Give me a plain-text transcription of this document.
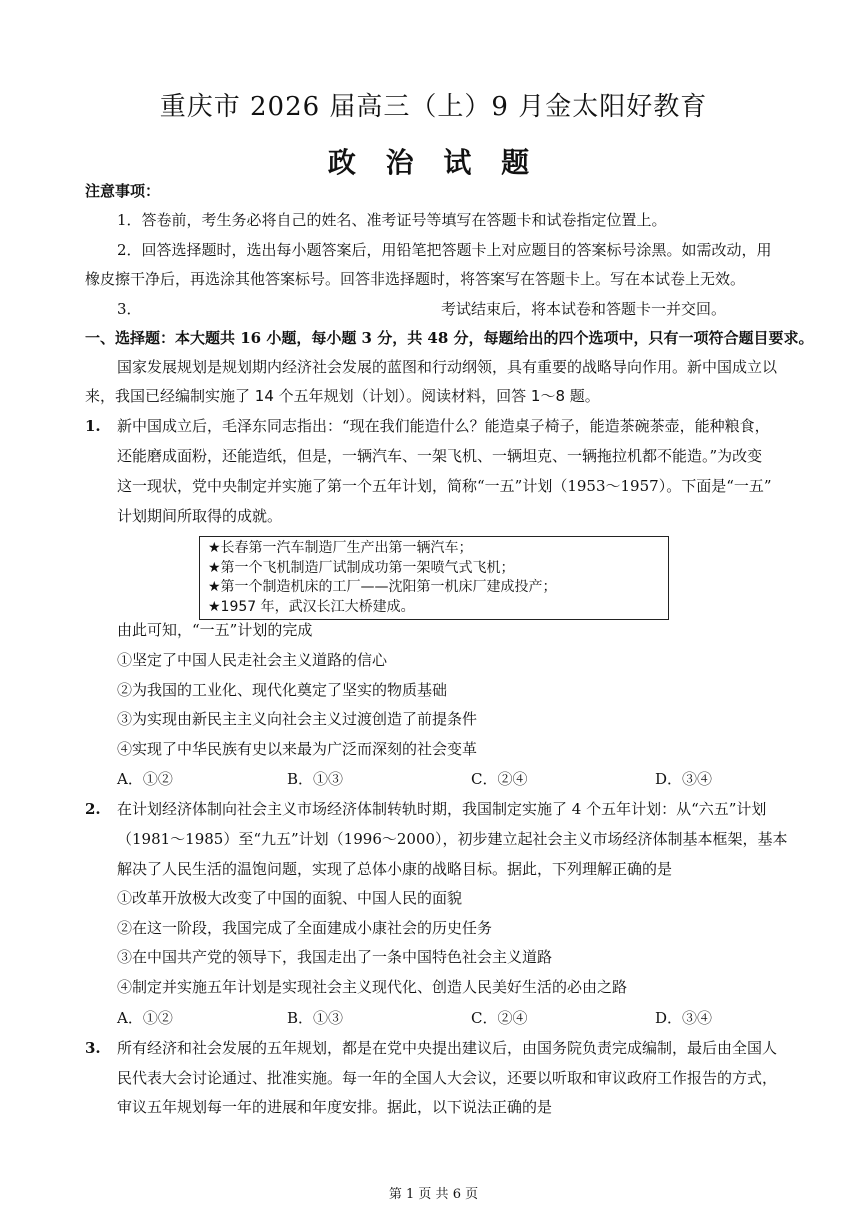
重庆市 2026 届高三（上）9 月金太阳好教育
政 治 试 题
注意事项：
1．答卷前，考生务必将自己的姓名、准考证号等填写在答题卡和试卷指定位置上。
2．回答选择题时，选出每小题答案后，用铅笔把答题卡上对应题目的答案标号涂黑。如需改动，用
橡皮擦干净后，再选涂其他答案标号。回答非选择题时，将答案写在答题卡上。写在本试卷上无效。
3．	考试结束后，将本试卷和答题卡一并交回。
一、选择题：本大题共 16 小题，每小题 3 分，共 48 分，每题给出的四个选项中，只有一项符合题目要求。
国家发展规划是规划期内经济社会发展的蓝图和行动纲领，具有重要的战略导向作用。新中国成立以
来，我国已经编制实施了 14 个五年规划（计划）。阅读材料，回答 1～8 题。
1. 新中国成立后，毛泽东同志指出：“现在我们能造什么？能造桌子椅子，能造茶碗茶壶，能种粮食，
还能磨成面粉，还能造纸，但是，一辆汽车、一架飞机、一辆坦克、一辆拖拉机都不能造。”为改变
这一现状，党中央制定并实施了第一个五年计划，简称“一五”计划（1953～1957）。下面是“一五”
计划期间所取得的成就。
★长春第一汽车制造厂生产出第一辆汽车；
★第一个飞机制造厂试制成功第一架喷气式飞机；
★第一个制造机床的工厂——沈阳第一机床厂建成投产；
★1957 年，武汉长江大桥建成。
由此可知，“一五”计划的完成
①坚定了中国人民走社会主义道路的信心
②为我国的工业化、现代化奠定了坚实的物质基础
③为实现由新民主主义向社会主义过渡创造了前提条件
④实现了中华民族有史以来最为广泛而深刻的社会变革
A．①②	B．①③	C．②④	D．③④
2. 在计划经济体制向社会主义市场经济体制转轨时期，我国制定实施了 4 个五年计划：从“六五”计划
（1981～1985）至“九五”计划（1996～2000），初步建立起社会主义市场经济体制基本框架，基本
解决了人民生活的温饱问题，实现了总体小康的战略目标。据此，下列理解正确的是
①改革开放极大改变了中国的面貌、中国人民的面貌
②在这一阶段，我国完成了全面建成小康社会的历史任务
③在中国共产党的领导下，我国走出了一条中国特色社会主义道路
④制定并实施五年计划是实现社会主义现代化、创造人民美好生活的必由之路
A．①②	B．①③	C．②④	D．③④
3. 所有经济和社会发展的五年规划，都是在党中央提出建议后，由国务院负责完成编制，最后由全国人
民代表大会讨论通过、批准实施。每一年的全国人大会议，还要以听取和审议政府工作报告的方式，
审议五年规划每一年的进展和年度安排。据此，以下说法正确的是
第 1 页 共 6 页
